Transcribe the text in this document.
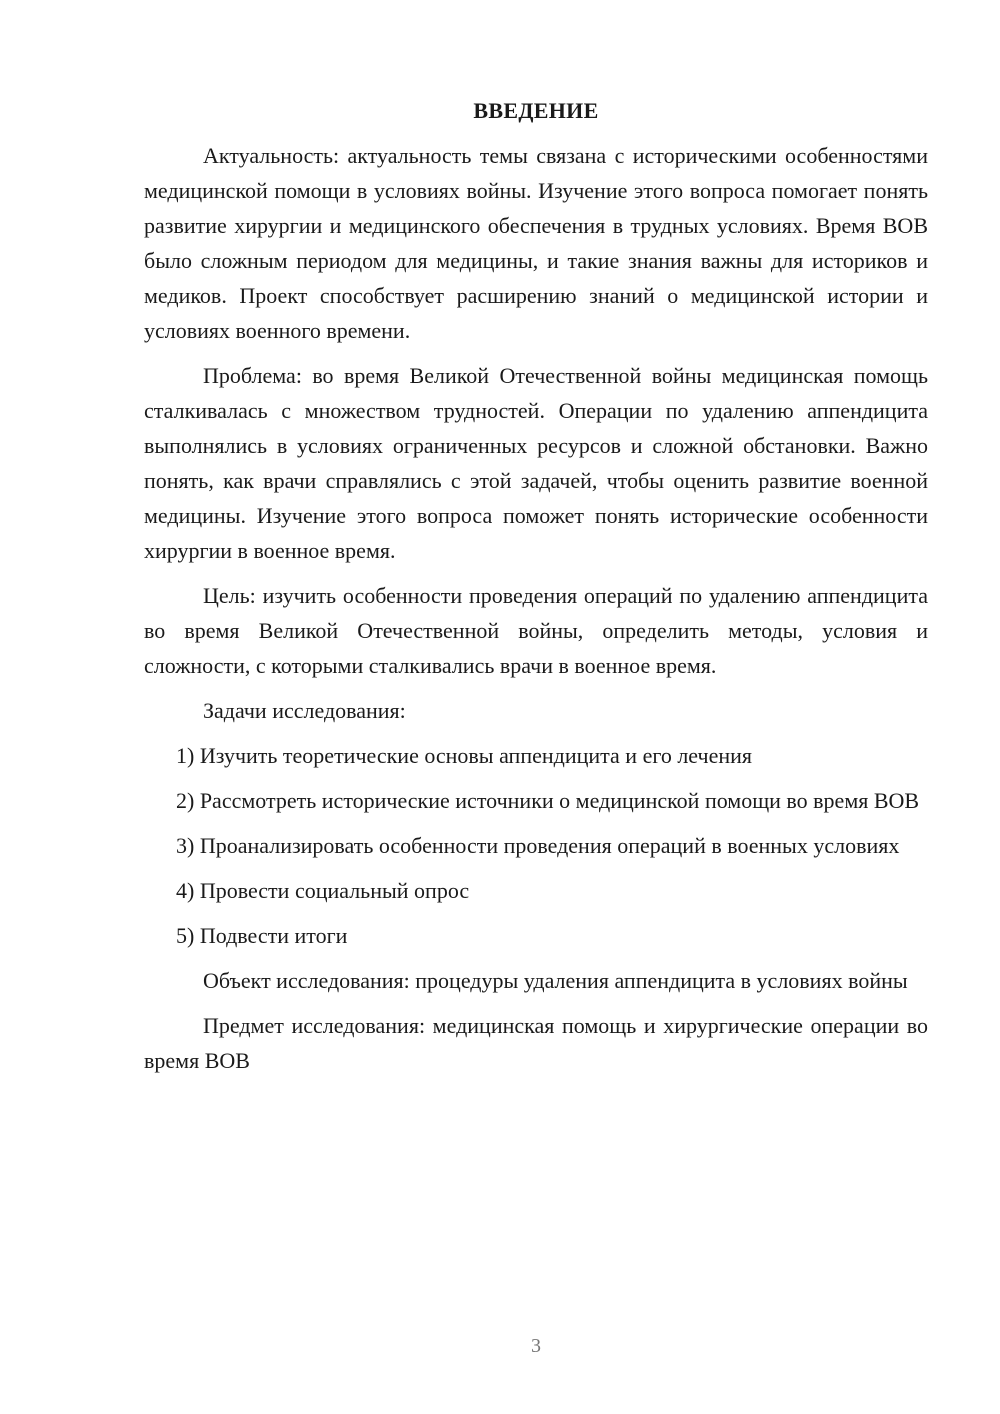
ВВЕДЕНИЕ

Актуальность: актуальность темы связана с историческими особенностями медицинской помощи в условиях войны. Изучение этого вопроса помогает понять развитие хирургии и медицинского обеспечения в трудных условиях. Время ВОВ было сложным периодом для медицины, и такие знания важны для историков и медиков. Проект способствует расширению знаний о медицинской истории и условиях военного времени.

Проблема: во время Великой Отечественной войны медицинская помощь сталкивалась с множеством трудностей. Операции по удалению аппендицита выполнялись в условиях ограниченных ресурсов и сложной обстановки. Важно понять, как врачи справлялись с этой задачей, чтобы оценить развитие военной медицины. Изучение этого вопроса поможет понять исторические особенности хирургии в военное время.

Цель: изучить особенности проведения операций по удалению аппендицита во время Великой Отечественной войны, определить методы, условия и сложности, с которыми сталкивались врачи в военное время.

Задачи исследования:

1) Изучить теоретические основы аппендицита и его лечения

2) Рассмотреть исторические источники о медицинской помощи во время ВОВ

3) Проанализировать особенности проведения операций в военных условиях

4) Провести социальный опрос

5) Подвести итоги

Объект исследования: процедуры удаления аппендицита в условиях войны

Предмет исследования: медицинская помощь и хирургические операции во время ВОВ

3
